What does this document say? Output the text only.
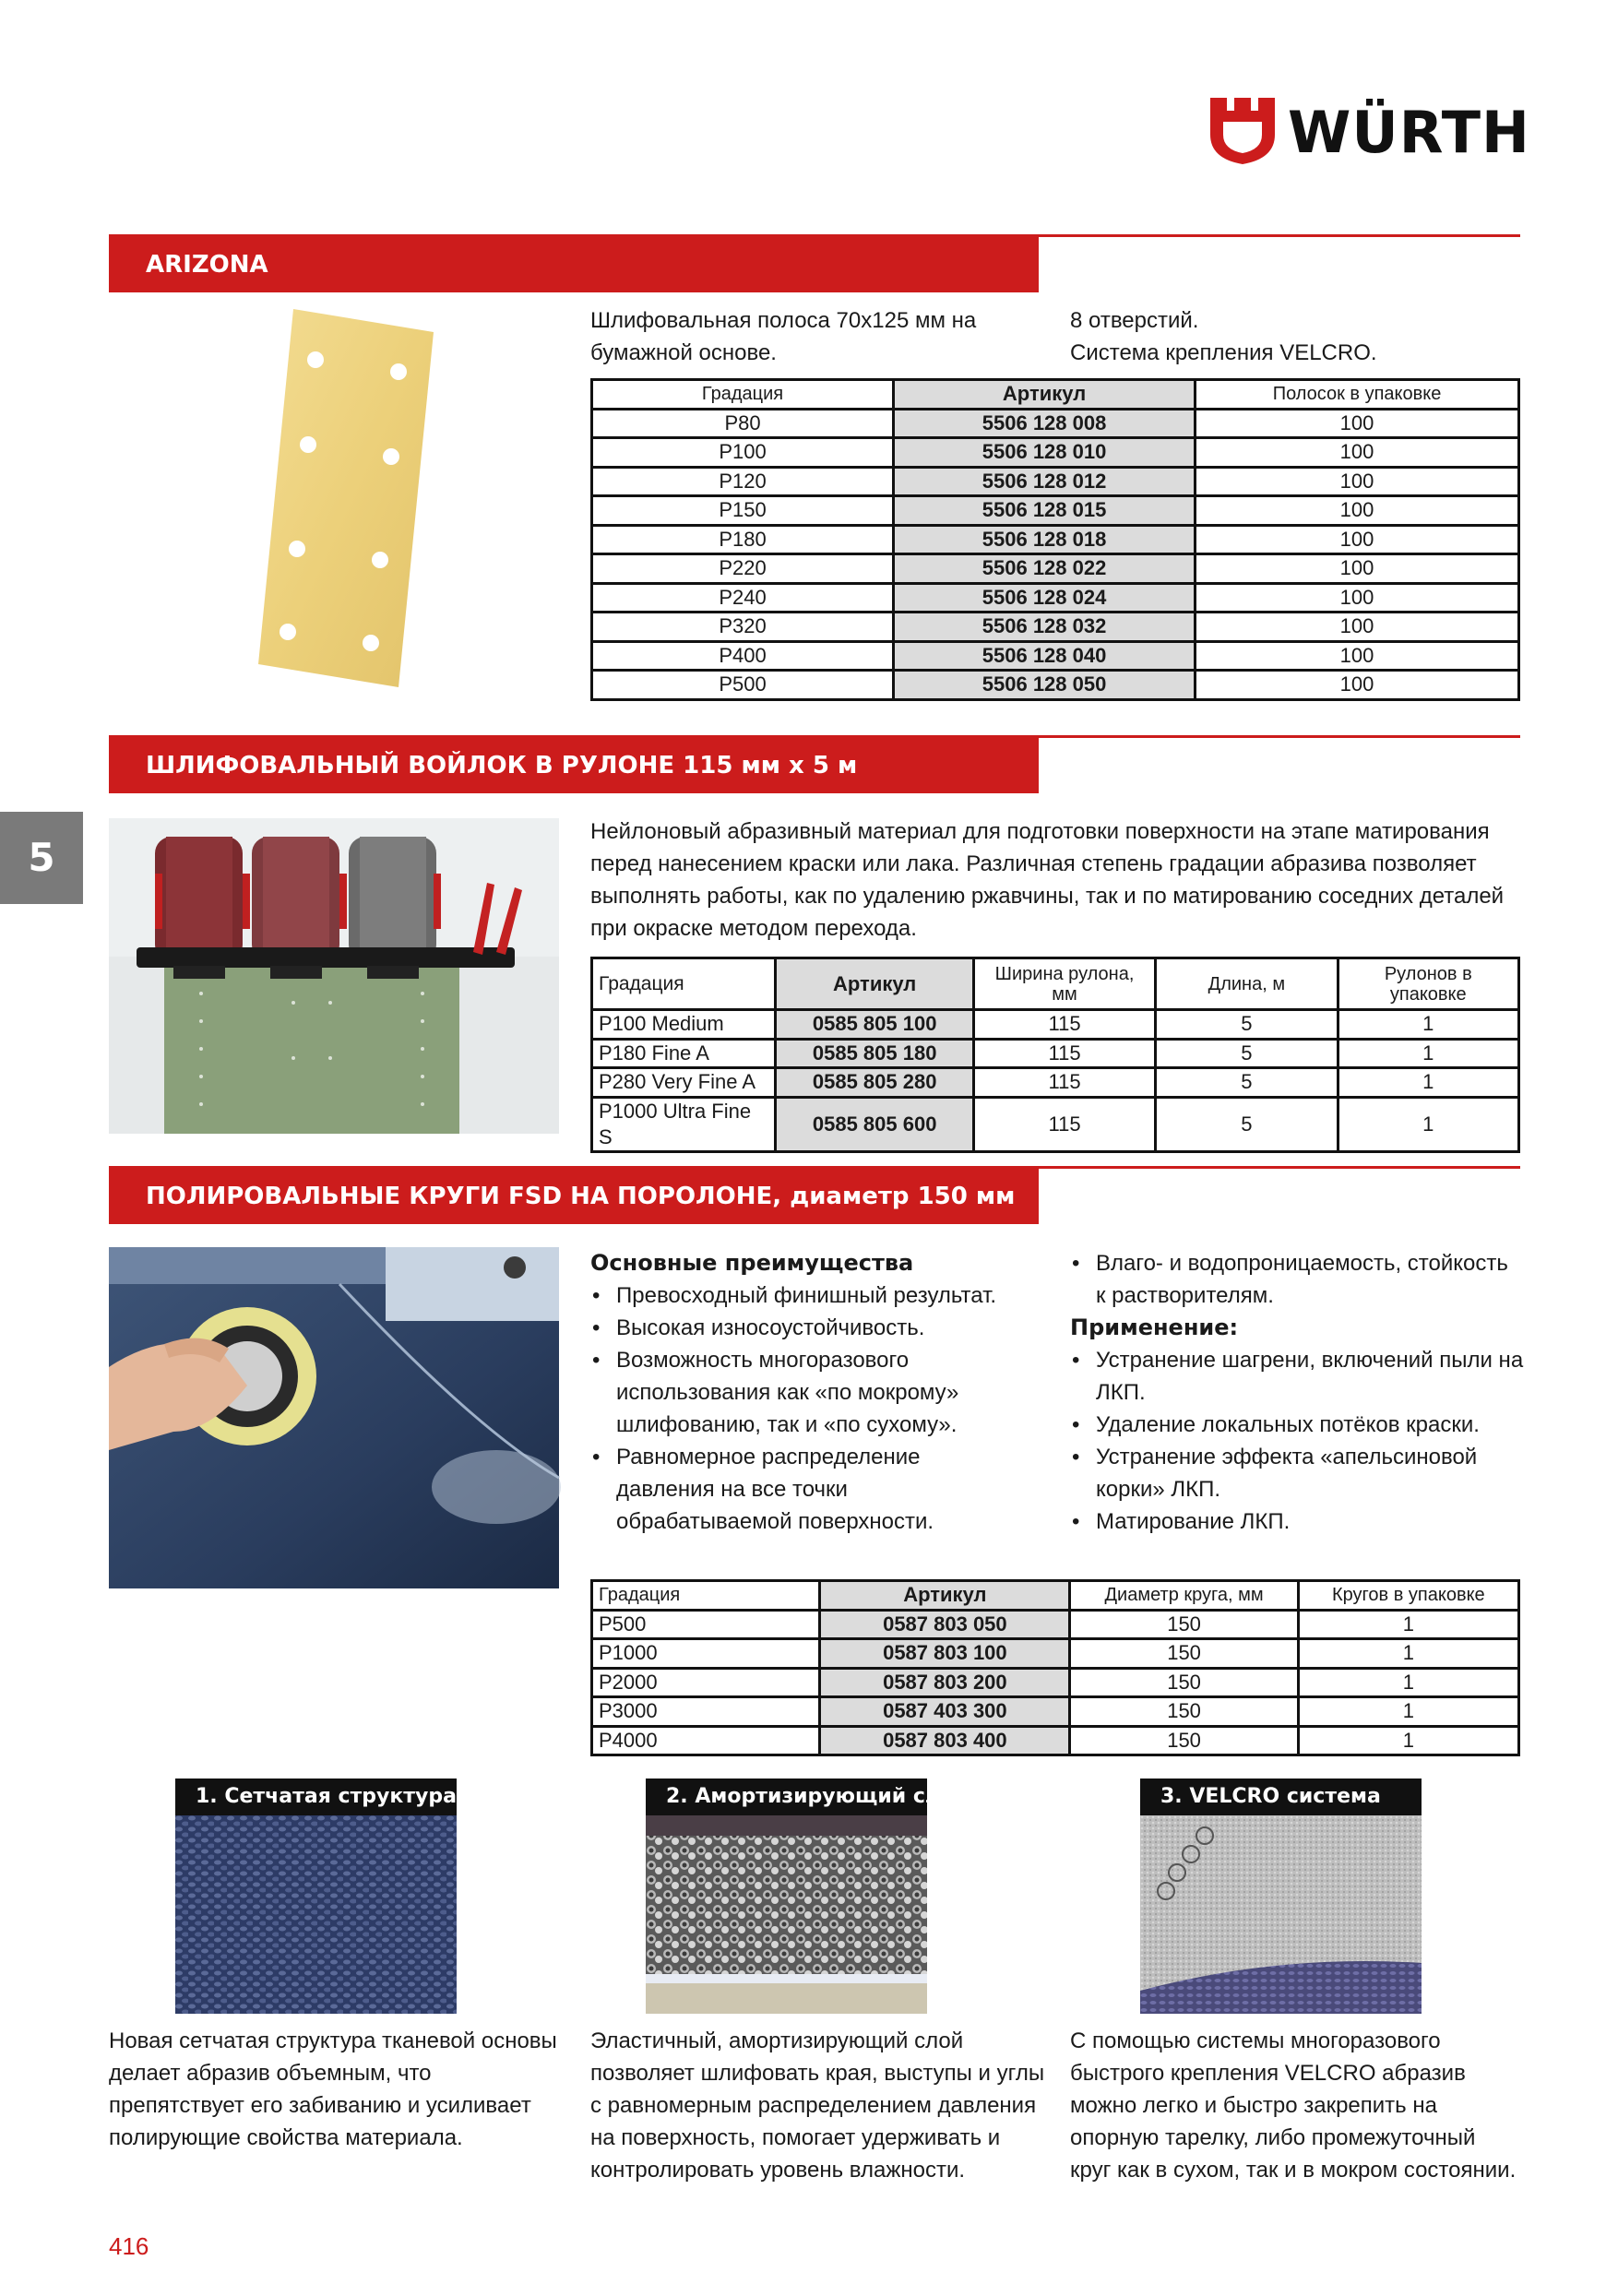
WÜRTH
5
ARIZONA
Шлифовальная полоса 70х125 мм на бумажной основе.
8 отверстий.
Система крепления VELCRO.
Градация	Артикул	Полосок в упаковке
P80	5506 128 008	100
P100	5506 128 010	100
P120	5506 128 012	100
P150	5506 128 015	100
P180	5506 128 018	100
P220	5506 128 022	100
P240	5506 128 024	100
P320	5506 128 032	100
P400	5506 128 040	100
P500	5506 128 050	100
ШЛИФОВАЛЬНЫЙ ВОЙЛОК В РУЛОНЕ 115 мм х 5 м
Нейлоновый абразивный материал для подготовки поверхности на этапе матирования перед нанесением краски или лака. Различная степень градации абразива позволяет выполнять работы, как по удалению ржавчины, так и по матированию соседних деталей при окраске методом перехода.
Градация	Артикул	Ширина рулона, мм	Длина, м	Рулонов в упаковке
P100 Medium	0585 805 100	115	5	1
P180 Fine A	0585 805 180	115	5	1
P280 Very Fine A	0585 805 280	115	5	1
P1000 Ultra Fine S	0585 805 600	115	5	1
ПОЛИРОВАЛЬНЫЕ КРУГИ FSD НА ПОРОЛОНЕ, диаметр 150 мм
Основные преимущества
• Превосходный финишный результат.
• Высокая износоустойчивость.
• Возможность многоразового использования как «по мокрому» шлифованию, так и «по сухому».
• Равномерное распределение давления на все точки обрабатываемой поверхности.
• Влаго- и водопроницаемость, стойкость к растворителям.
Применение:
• Устранение шагрени, включений пыли на ЛКП.
• Удаление локальных потёков краски.
• Устранение эффекта «апельсиновой корки» ЛКП.
• Матирование ЛКП.
Градация	Артикул	Диаметр круга, мм	Кругов в упаковке
P500	0587 803 050	150	1
P1000	0587 803 100	150	1
P2000	0587 803 200	150	1
P3000	0587 403 300	150	1
P4000	0587 803 400	150	1
1. Сетчатая структура
Новая сетчатая структура тканевой основы делает абразив объемным, что препятствует его забиванию и усиливает полирующие свойства материала.
2. Амортизирующий слой
Эластичный, амортизирующий слой позволяет шлифовать края, выступы и углы с равномерным распределением давления на поверхность, помогает удерживать и контролировать уровень влажности.
3. VELCRO система
С помощью системы многоразового быстрого крепления VELCRO абразив можно легко и быстро закрепить на опорную тарелку, либо промежуточный круг как в сухом, так и в мокром состоянии.
416
